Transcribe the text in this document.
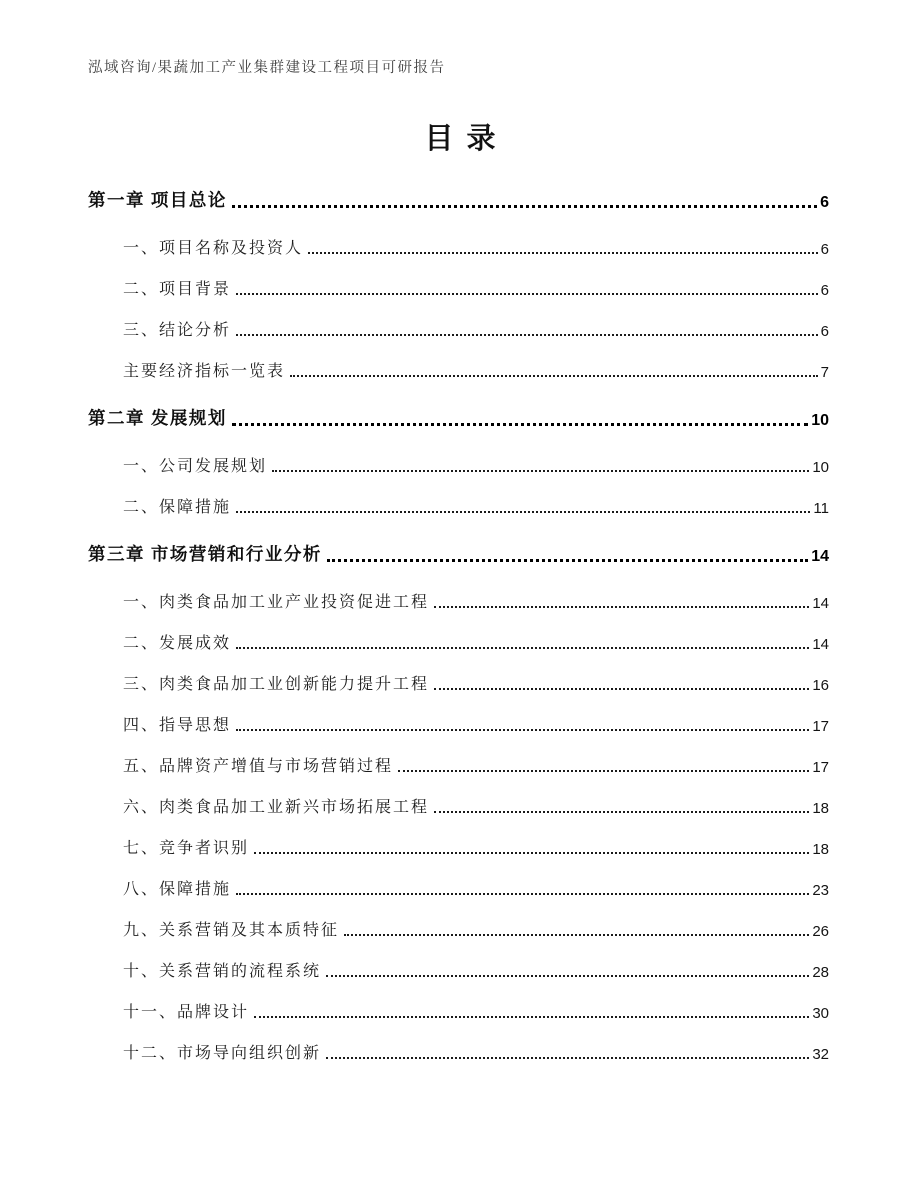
泓域咨询/果蔬加工产业集群建设工程项目可研报告
目录
第一章 项目总论	6
一、项目名称及投资人	6
二、项目背景	6
三、结论分析	6
主要经济指标一览表	7
第二章 发展规划	10
一、公司发展规划	10
二、保障措施	11
第三章 市场营销和行业分析	14
一、肉类食品加工业产业投资促进工程	14
二、发展成效	14
三、肉类食品加工业创新能力提升工程	16
四、指导思想	17
五、品牌资产增值与市场营销过程	17
六、肉类食品加工业新兴市场拓展工程	18
七、竞争者识别	18
八、保障措施	23
九、关系营销及其本质特征	26
十、关系营销的流程系统	28
十一、品牌设计	30
十二、市场导向组织创新	32
